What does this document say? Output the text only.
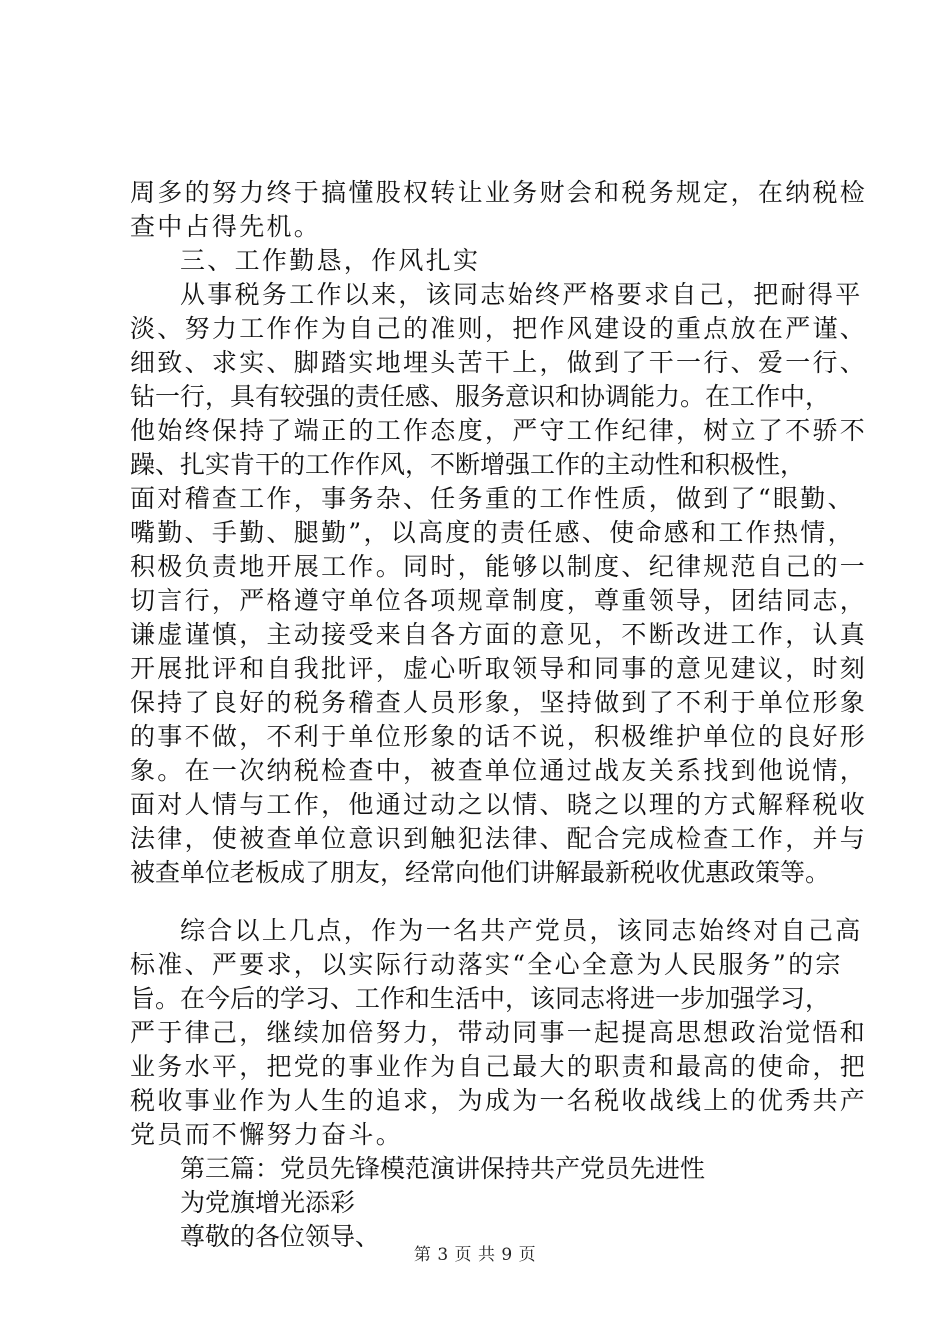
周多的努力终于搞懂股权转让业务财会和税务规定，在纳税检
查中占得先机。
三、工作勤恳，作风扎实
从事税务工作以来，该同志始终严格要求自己，把耐得平
淡、努力工作作为自己的准则，把作风建设的重点放在严谨、
细致、求实、脚踏实地埋头苦干上，做到了干一行、爱一行、
钻一行，具有较强的责任感、服务意识和协调能力。在工作中，
他始终保持了端正的工作态度，严守工作纪律，树立了不骄不
躁、扎实肯干的工作作风，不断增强工作的主动性和积极性，
面对稽查工作，事务杂、任务重的工作性质，做到了“眼勤、
嘴勤、手勤、腿勤”，以高度的责任感、使命感和工作热情，
积极负责地开展工作。同时，能够以制度、纪律规范自己的一
切言行，严格遵守单位各项规章制度，尊重领导，团结同志，
谦虚谨慎，主动接受来自各方面的意见，不断改进工作，认真
开展批评和自我批评，虚心听取领导和同事的意见建议，时刻
保持了良好的税务稽查人员形象，坚持做到了不利于单位形象
的事不做，不利于单位形象的话不说，积极维护单位的良好形
象。在一次纳税检查中，被查单位通过战友关系找到他说情，
面对人情与工作，他通过动之以情、晓之以理的方式解释税收
法律，使被查单位意识到触犯法律、配合完成检查工作，并与
被查单位老板成了朋友，经常向他们讲解最新税收优惠政策等。
综合以上几点，作为一名共产党员，该同志始终对自己高
标准、严要求，以实际行动落实“全心全意为人民服务”的宗
旨。在今后的学习、工作和生活中，该同志将进一步加强学习，
严于律己，继续加倍努力，带动同事一起提高思想政治觉悟和
业务水平，把党的事业作为自己最大的职责和最高的使命，把
税收事业作为人生的追求，为成为一名税收战线上的优秀共产
党员而不懈努力奋斗。
第三篇：党员先锋模范演讲保持共产党员先进性
为党旗增光添彩
尊敬的各位领导、
第 3 页 共 9 页
